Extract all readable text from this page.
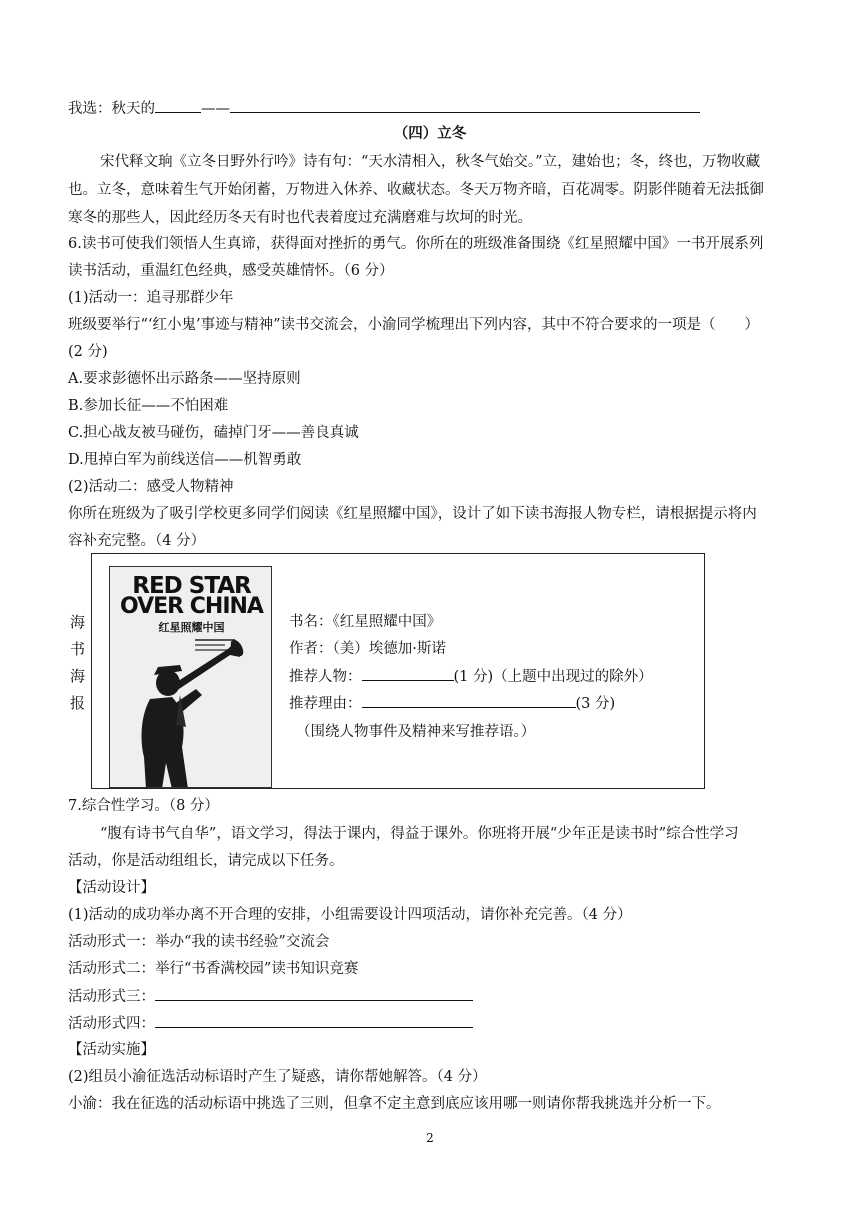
我选：秋天的	——
（四）立冬
宋代释文珦《立冬日野外行吟》诗有句：“天水清相入，秋冬气始交。”立，建始也；冬，终也，万物收藏
也。立冬，意味着生气开始闭蓄，万物进入休养、收藏状态。冬天万物齐暗，百花凋零。阴影伴随着无法抵御
寒冬的那些人，因此经历冬天有时也代表着度过充满磨难与坎坷的时光。
6.读书可使我们领悟人生真谛，获得面对挫折的勇气。你所在的班级准备围绕《红星照耀中国》一书开展系列
读书活动，重温红色经典，感受英雄情怀。（6 分）
(1)活动一：追寻那群少年
班级要举行“‘红小鬼’事迹与精神”读书交流会，小渝同学梳理出下列内容，其中不符合要求的一项是（　　）
(2 分)
A.要求彭德怀出示路条——坚持原则
B.参加长征——不怕困难
C.担心战友被马碰伤，磕掉门牙——善良真诚
D.甩掉白军为前线送信——机智勇敢
(2)活动二：感受人物精神
你所在班级为了吸引学校更多同学们阅读《红星照耀中国》，设计了如下读书海报人物专栏，请根据提示将内
容补充完整。（4 分）
海
书
海
报
RED STAR
OVER CHINA
红星照耀中国	书名：《红星照耀中国》
作者：（美）埃德加·斯诺
推荐人物：	(1 分)（上题中出现过的除外）
推荐理由：	(3 分)
（围绕人物事件及精神来写推荐语。）
7.综合性学习。（8 分）
“腹有诗书气自华”，语文学习，得法于课内，得益于课外。你班将开展“少年正是读书时”综合性学习
活动，你是活动组组长，请完成以下任务。
【活动设计】
(1)活动的成功举办离不开合理的安排，小组需要设计四项活动，请你补充完善。（4 分）
活动形式一：举办“我的读书经验”交流会
活动形式二：举行“书香满校园”读书知识竞赛
活动形式三：
活动形式四：
【活动实施】
(2)组员小渝征选活动标语时产生了疑惑，请你帮她解答。（4 分）
小渝：我在征选的活动标语中挑选了三则，但拿不定主意到底应该用哪一则请你帮我挑选并分析一下。
2
